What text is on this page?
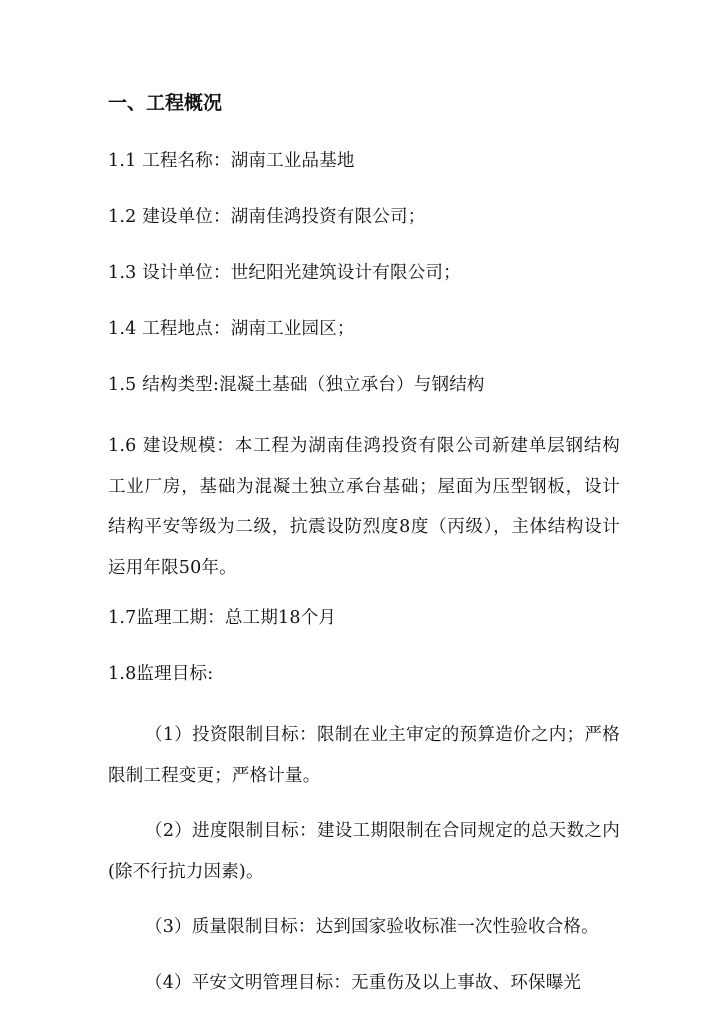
一、工程概况
1.1 工程名称：湖南工业品基地
1.2 建设单位：湖南佳鸿投资有限公司；
1.3 设计单位：世纪阳光建筑设计有限公司；
1.4 工程地点：湖南工业园区；
1.5 结构类型:混凝土基础（独立承台）与钢结构
1.6 建设规模：本工程为湖南佳鸿投资有限公司新建单层钢结构工业厂房，基础为混凝土独立承台基础；屋面为压型钢板，设计结构平安等级为二级，抗震设防烈度8度（丙级），主体结构设计运用年限50年。
1.7监理工期：总工期18个月
1.8监理目标:
（1）投资限制目标：限制在业主审定的预算造价之内；严格限制工程变更；严格计量。
（2）进度限制目标：建设工期限制在合同规定的总天数之内(除不行抗力因素)。
（3）质量限制目标：达到国家验收标准一次性验收合格。
（4）平安文明管理目标：无重伤及以上事故、环保曝光
